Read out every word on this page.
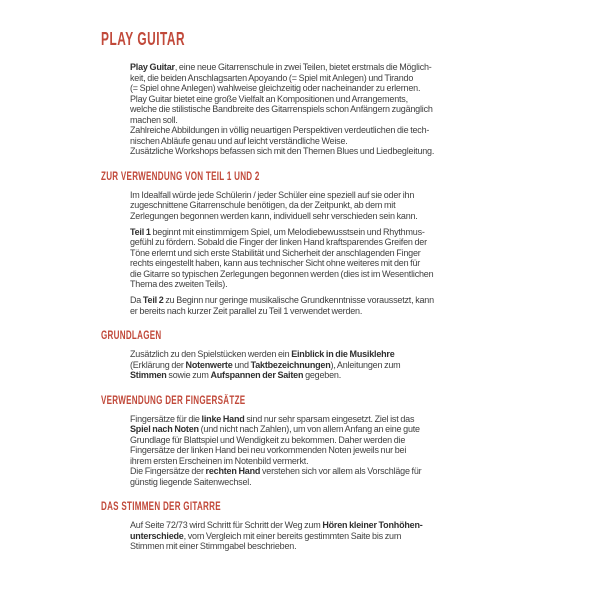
PLAY GUITAR

Play Guitar, eine neue Gitarrenschule in zwei Teilen, bietet erstmals die Möglich-
keit, die beiden Anschlagsarten Apoyando (= Spiel mit Anlegen) und Tirando
(= Spiel ohne Anlegen) wahlweise gleichzeitig oder nacheinander zu erlernen.
Play Guitar bietet eine große Vielfalt an Kompositionen und Arrangements,
welche die stilistische Bandbreite des Gitarrenspiels schon Anfängern zugänglich
machen soll.
Zahlreiche Abbildungen in völlig neuartigen Perspektiven verdeutlichen die tech-
nischen Abläufe genau und auf leicht verständliche Weise.
Zusätzliche Workshops befassen sich mit den Themen Blues und Liedbegleitung.

ZUR VERWENDUNG VON TEIL 1 UND 2

Im Idealfall würde jede Schülerin / jeder Schüler eine speziell auf sie oder ihn
zugeschnittene Gitarrenschule benötigen, da der Zeitpunkt, ab dem mit
Zerlegungen begonnen werden kann, individuell sehr verschieden sein kann.

Teil 1 beginnt mit einstimmigem Spiel, um Melodiebewusstsein und Rhythmus-
gefühl zu fördern. Sobald die Finger der linken Hand kraftsparendes Greifen der
Töne erlernt und sich erste Stabilität und Sicherheit der anschlagenden Finger
rechts eingestellt haben, kann aus technischer Sicht ohne weiteres mit den für
die Gitarre so typischen Zerlegungen begonnen werden (dies ist im Wesentlichen
Thema des zweiten Teils).

Da Teil 2 zu Beginn nur geringe musikalische Grundkenntnisse voraussetzt, kann
er bereits nach kurzer Zeit parallel zu Teil 1 verwendet werden.

GRUNDLAGEN

Zusätzlich zu den Spielstücken werden ein Einblick in die Musiklehre
(Erklärung der Notenwerte und Taktbezeichnungen), Anleitungen zum
Stimmen sowie zum Aufspannen der Saiten gegeben.

VERWENDUNG DER FINGERSÄTZE

Fingersätze für die linke Hand sind nur sehr sparsam eingesetzt. Ziel ist das
Spiel nach Noten (und nicht nach Zahlen), um von allem Anfang an eine gute
Grundlage für Blattspiel und Wendigkeit zu bekommen. Daher werden die
Fingersätze der linken Hand bei neu vorkommenden Noten jeweils nur bei
ihrem ersten Erscheinen im Notenbild vermerkt.
Die Fingersätze der rechten Hand verstehen sich vor allem als Vorschläge für
günstig liegende Saitenwechsel.

DAS STIMMEN DER GITARRE

Auf Seite 72/73 wird Schritt für Schritt der Weg zum Hören kleiner Tonhöhen-
unterschiede, vom Vergleich mit einer bereits gestimmten Saite bis zum
Stimmen mit einer Stimmgabel beschrieben.
